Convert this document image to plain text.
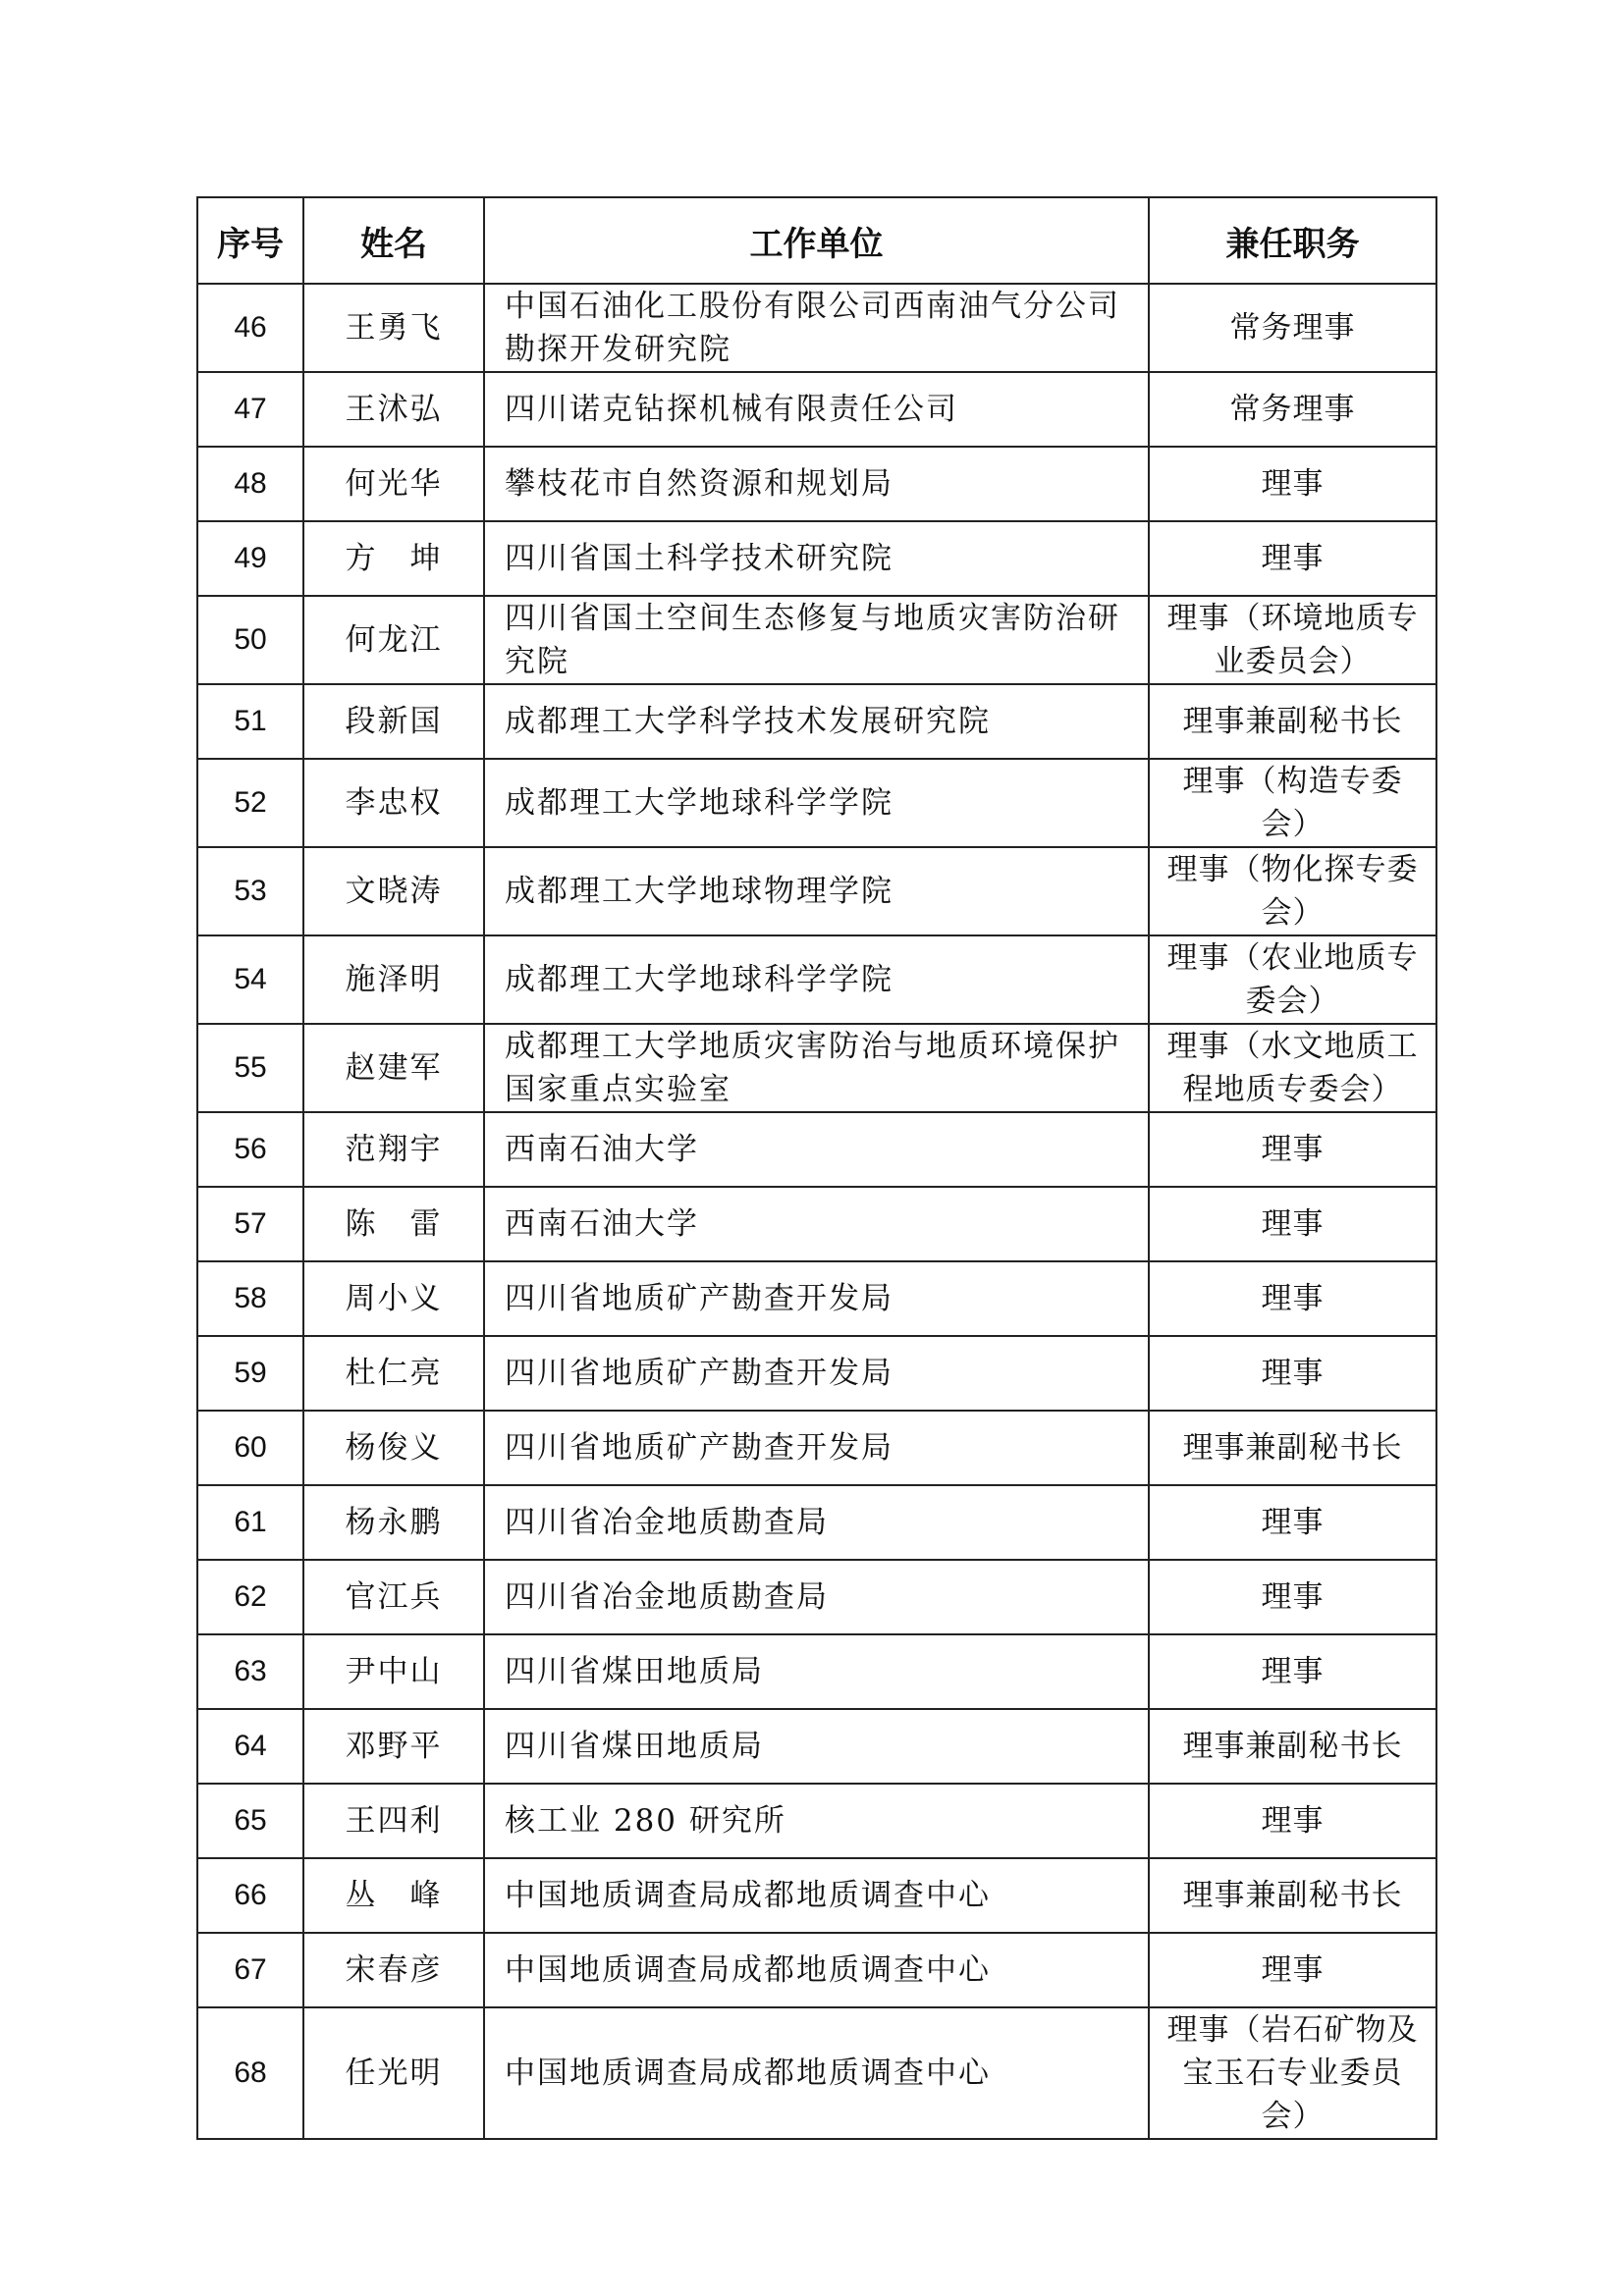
序号	姓名	工作单位	兼任职务
46	王勇飞	中国石油化工股份有限公司西南油气分公司勘探开发研究院	常务理事
47	王沭弘	四川诺克钻探机械有限责任公司	常务理事
48	何光华	攀枝花市自然资源和规划局	理事
49	方　坤	四川省国土科学技术研究院	理事
50	何龙江	四川省国土空间生态修复与地质灾害防治研究院	理事（环境地质专业委员会）
51	段新国	成都理工大学科学技术发展研究院	理事兼副秘书长
52	李忠权	成都理工大学地球科学学院	理事（构造专委会）
53	文晓涛	成都理工大学地球物理学院	理事（物化探专委会）
54	施泽明	成都理工大学地球科学学院	理事（农业地质专委会）
55	赵建军	成都理工大学地质灾害防治与地质环境保护国家重点实验室	理事（水文地质工程地质专委会）
56	范翔宇	西南石油大学	理事
57	陈　雷	西南石油大学	理事
58	周小义	四川省地质矿产勘查开发局	理事
59	杜仁亮	四川省地质矿产勘查开发局	理事
60	杨俊义	四川省地质矿产勘查开发局	理事兼副秘书长
61	杨永鹏	四川省冶金地质勘查局	理事
62	官江兵	四川省冶金地质勘查局	理事
63	尹中山	四川省煤田地质局	理事
64	邓野平	四川省煤田地质局	理事兼副秘书长
65	王四利	核工业 280 研究所	理事
66	丛　峰	中国地质调查局成都地质调查中心	理事兼副秘书长
67	宋春彦	中国地质调查局成都地质调查中心	理事
68	任光明	中国地质调查局成都地质调查中心	理事（岩石矿物及宝玉石专业委员会）
